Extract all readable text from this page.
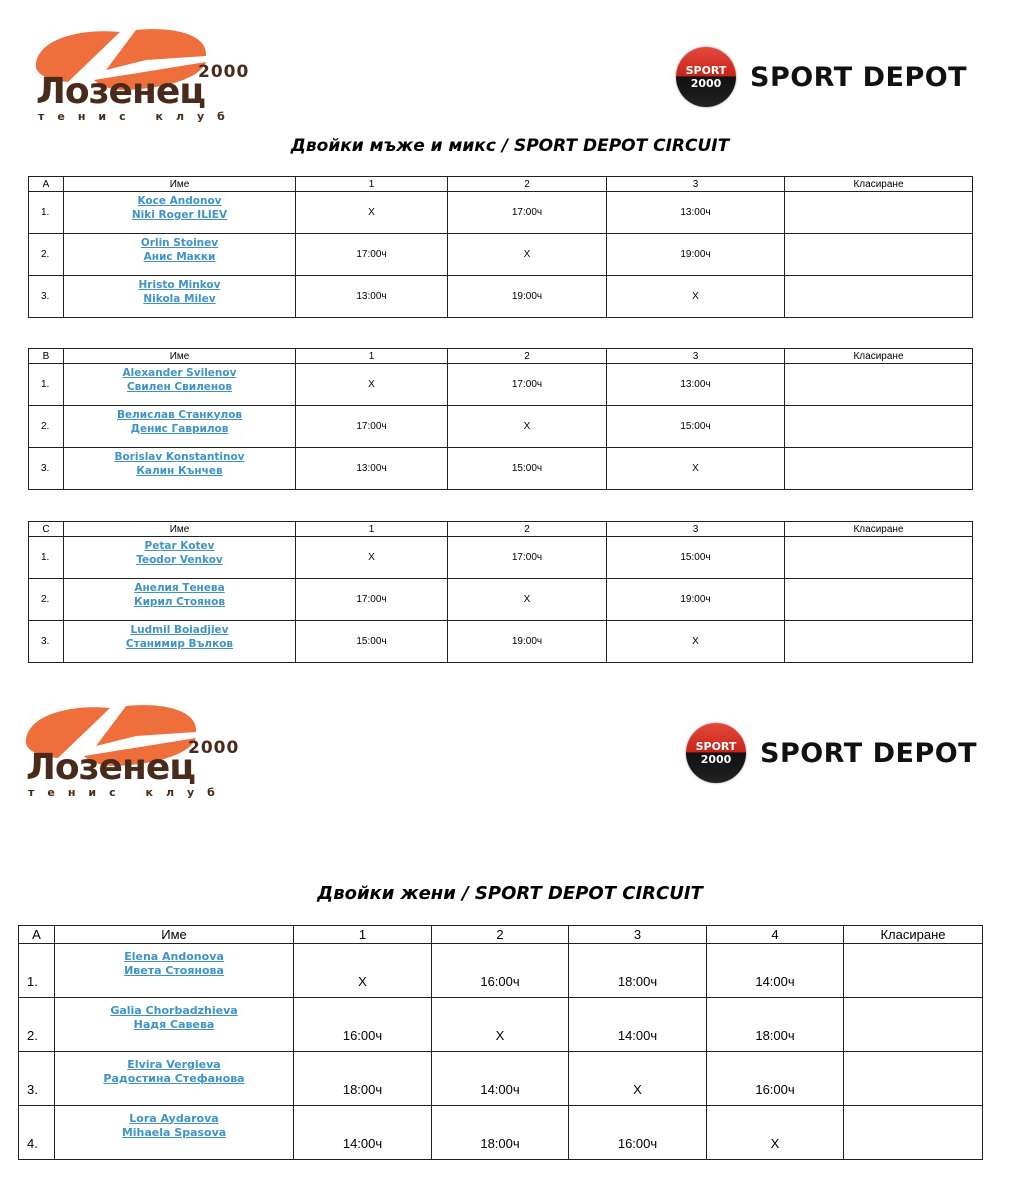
2000
Лозенец
тенис клуб
SPORT
2000	SPORT DEPOT
Двойки мъже и микс / SPORT DEPOT CIRCUIT
A	Име	1	2	3	Класиране
1.	Koce Andonov
Niki Roger ILIEV	X	17:00ч	13:00ч	
2.	Orlin Stoinev
Анис Макки	17:00ч	X	19:00ч	
3.	Hristo Minkov
Nikola Milev	13:00ч	19:00ч	X	
B	Име	1	2	3	Класиране
1.	Alexander Svilenov
Свилен Свиленов	X	17:00ч	13:00ч	
2.	Велислав Станкулов
Денис Гаврилов	17:00ч	X	15:00ч	
3.	Borislav Konstantinov
Калин Кънчев	13:00ч	15:00ч	X	
C	Име	1	2	3	Класиране
1.	Petar Kotev
Teodor Venkov	X	17:00ч	15:00ч	
2.	Анелия Тенева
Кирил Стоянов	17:00ч	X	19:00ч	
3.	Ludmil Boiadjiev
Станимир Вълков	15:00ч	19:00ч	X	
2000
Лозенец
тенис клуб
SPORT
2000	SPORT DEPOT
Двойки жени / SPORT DEPOT CIRCUIT
A	Име	1	2	3	4	Класиране
1.	Elena Andonova
Ивета Стоянова	X	16:00ч	18:00ч	14:00ч	
2.	Galia Chorbadzhieva
Надя Савева	16:00ч	X	14:00ч	18:00ч	
3.	Elvira Vergieva
Радостина Стефанова	18:00ч	14:00ч	X	16:00ч	
4.	Lora Aydarova
Mihaela Spasova	14:00ч	18:00ч	16:00ч	X	
